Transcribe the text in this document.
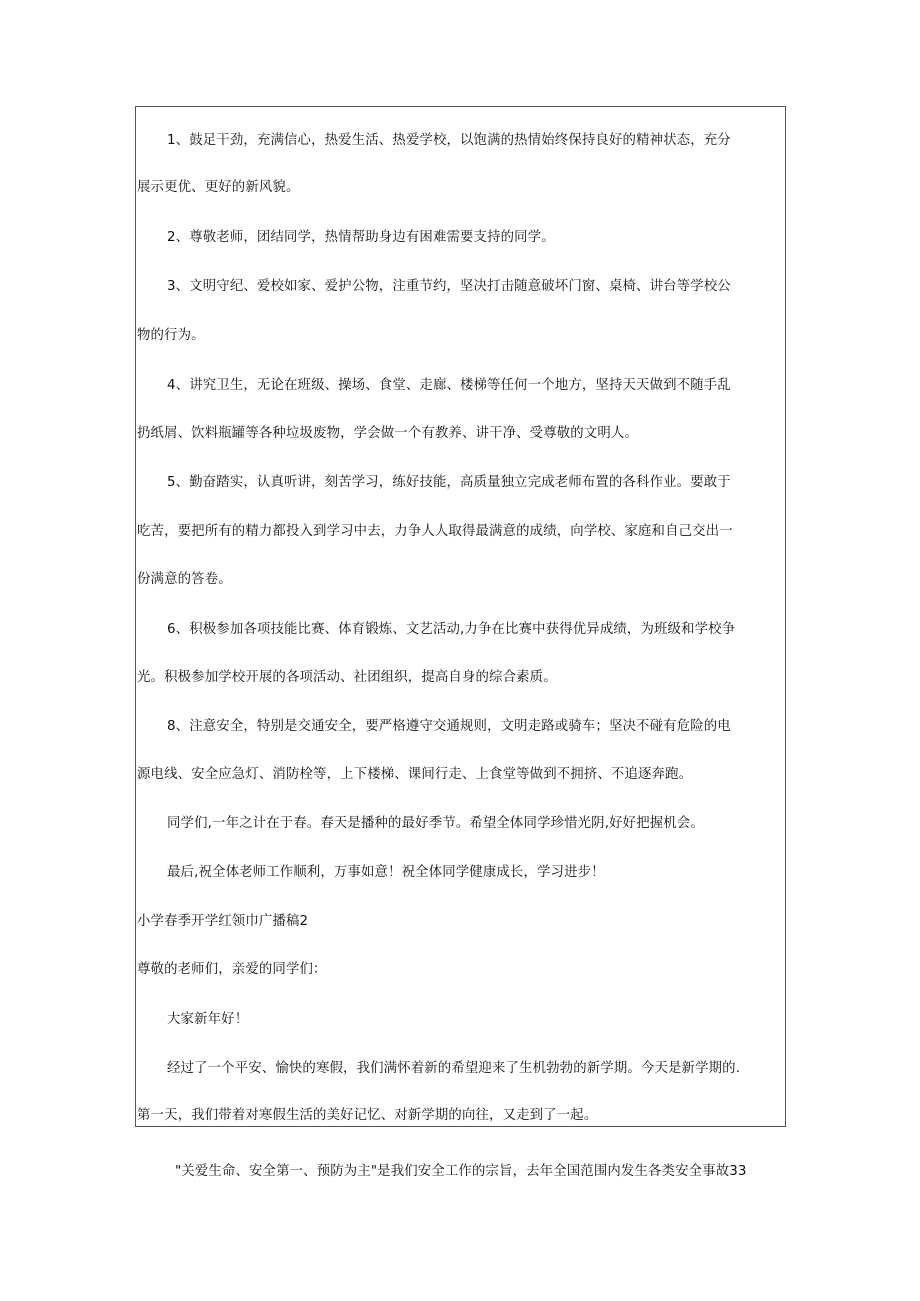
1、鼓足干劲，充满信心，热爱生活、热爱学校，以饱满的热情始终保持良好的精神状态，充分
展示更优、更好的新风貌。
2、尊敬老师，团结同学，热情帮助身边有困难需要支持的同学。
3、文明守纪、爱校如家、爱护公物，注重节约，坚决打击随意破坏门窗、桌椅、讲台等学校公
物的行为。
4、讲究卫生，无论在班级、操场、食堂、走廊、楼梯等任何一个地方，坚持天天做到不随手乱
扔纸屑、饮料瓶罐等各种垃圾废物，学会做一个有教养、讲干净、受尊敬的文明人。
5、勤奋踏实，认真听讲，刻苦学习，练好技能，高质量独立完成老师布置的各科作业。要敢于
吃苦，要把所有的精力都投入到学习中去，力争人人取得最满意的成绩，向学校、家庭和自己交出一
份满意的答卷。
6、积极参加各项技能比赛、体育锻炼、文艺活动,力争在比赛中获得优异成绩，为班级和学校争
光。积极参加学校开展的各项活动、社团组织，提高自身的综合素质。
8、注意安全，特别是交通安全，要严格遵守交通规则，文明走路或骑车；坚决不碰有危险的电
源电线、安全应急灯、消防栓等，上下楼梯、课间行走、上食堂等做到不拥挤、不追逐奔跑。
同学们,一年之计在于春。春天是播种的最好季节。希望全体同学珍惜光阴,好好把握机会。
最后,祝全体老师工作顺利，万事如意！祝全体同学健康成长，学习进步！
小学春季开学红领巾广播稿2
尊敬的老师们，亲爱的同学们：
大家新年好！
经过了一个平安、愉快的寒假，我们满怀着新的希望迎来了生机勃勃的新学期。今天是新学期的.
第一天，我们带着对寒假生活的美好记忆、对新学期的向往，又走到了一起。
"关爱生命、安全第一、预防为主"是我们安全工作的宗旨，去年全国范围内发生各类安全事故33
